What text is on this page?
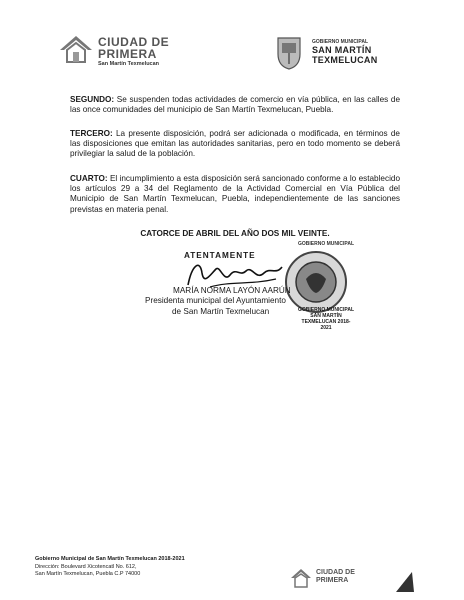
CIUDAD DE
PRIMERA
San Martín Texmelucan
GOBIERNO MUNICIPAL
SAN MARTÍN
TEXMELUCAN
SEGUNDO: Se suspenden todas actividades de comercio en vía pública, en las calles de las once comunidades del municipio de San Martín Texmelucan, Puebla.
TERCERO: La presente disposición, podrá ser adicionada o modificada, en términos de las disposiciones que emitan las autoridades sanitarias, pero en todo momento se deberá privilegiar la salud de la población.
CUARTO: El incumplimiento a esta disposición será sancionado conforme a lo establecido los artículos 29 a 34 del Reglamento de la Actividad Comercial en Vía Pública del Municipio de San Martín Texmelucan, Puebla, independientemente de las sanciones previstas en materia penal.
CATORCE DE ABRIL DEL AÑO DOS MIL VEINTE.
GOBIERNO MUNICIPAL
ATENTAMENTE
MARÍA NORMA LAYÓN AARÚN
Presidenta municipal del Ayuntamiento
de San Martín Texmelucan	GOBIERNO MUNICIPAL
SAN MARTÍN
TEXMELUCAN 2018-2021
Gobierno Municipal de San Martín Texmelucan 2018-2021
Dirección: Boulevard Xicotencatl No. 612,
San Martín Texmelucan, Puebla C.P 74000	CIUDAD DE
PRIMERA
